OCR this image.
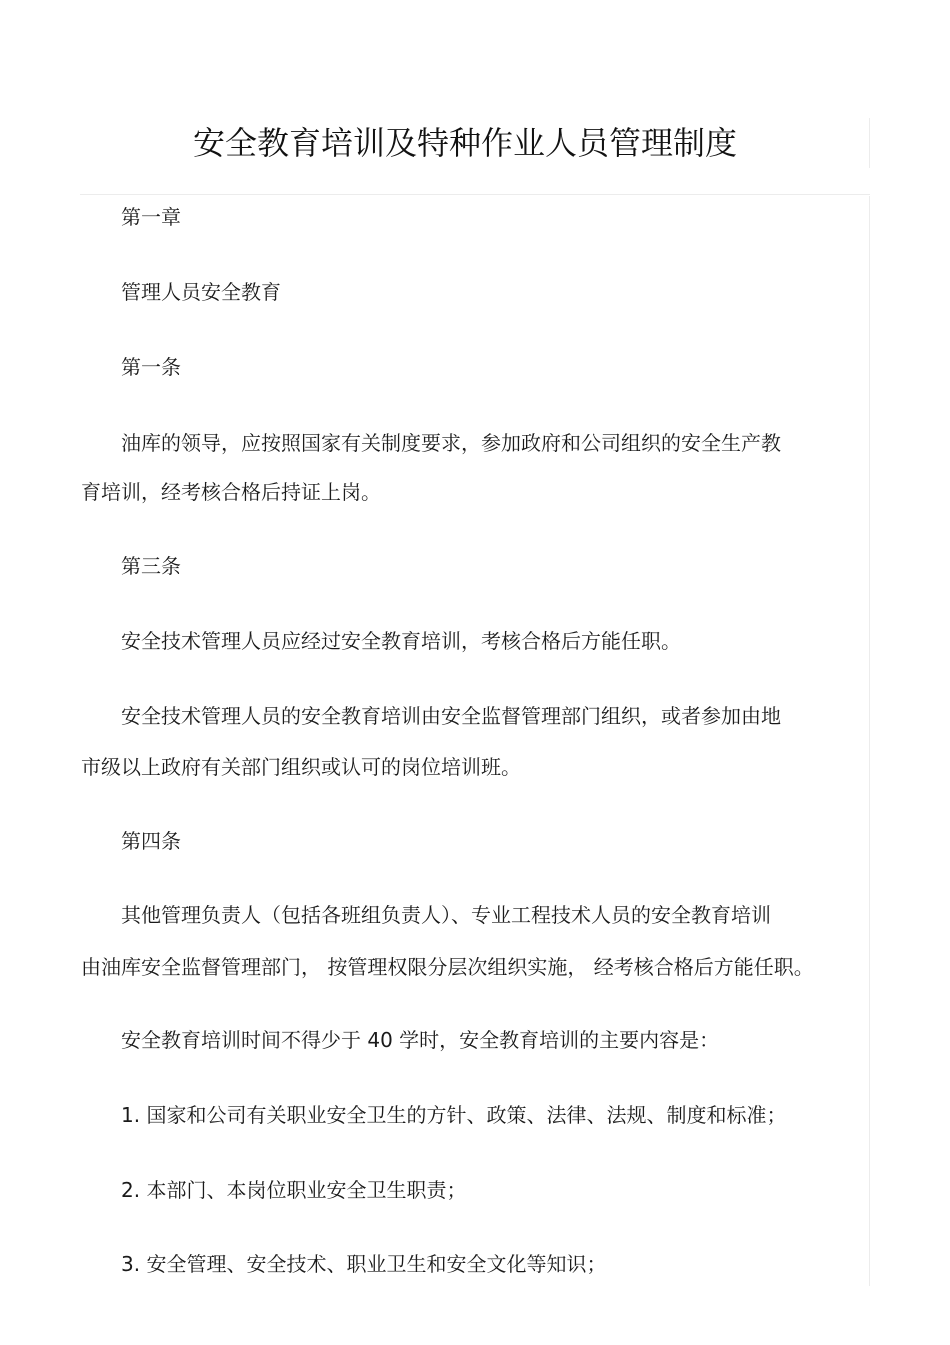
安全教育培训及特种作业人员管理制度
第一章
管理人员安全教育
第一条
油库的领导，应按照国家有关制度要求，参加政府和公司组织的安全生产教
育培训，经考核合格后持证上岗。
第三条
安全技术管理人员应经过安全教育培训，考核合格后方能任职。
安全技术管理人员的安全教育培训由安全监督管理部门组织，或者参加由地
市级以上政府有关部门组织或认可的岗位培训班。
第四条
其他管理负责人（包括各班组负责人）、专业工程技术人员的安全教育培训
由油库安全监督管理部门， 按管理权限分层次组织实施， 经考核合格后方能任职。
安全教育培训时间不得少于 40 学时，安全教育培训的主要内容是：
1. 国家和公司有关职业安全卫生的方针、政策、法律、法规、制度和标准；
2. 本部门、本岗位职业安全卫生职责；
3. 安全管理、安全技术、职业卫生和安全文化等知识；
